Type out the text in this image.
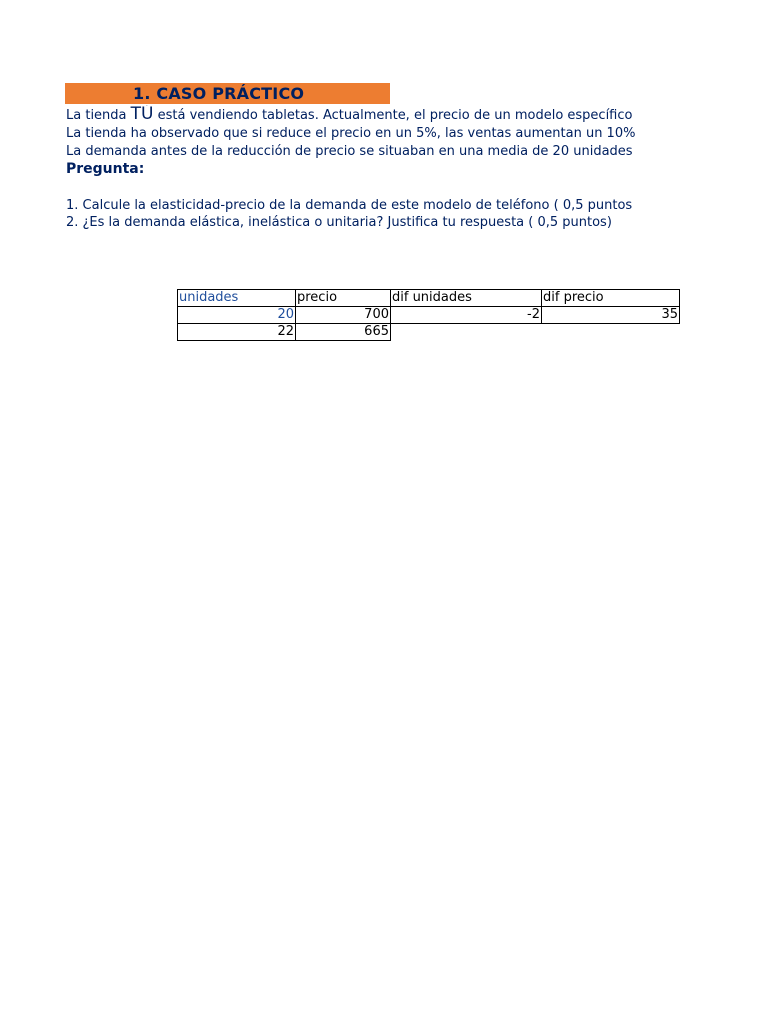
1. CASO PRÁCTICO
La tienda TÚ está vendiendo tabletas. Actualmente, el precio de un modelo específico
La tienda ha observado que si reduce el precio en un 5%, las ventas aumentan un 10%
La demanda antes de la reducción de precio se situaban en una media de 20 unidades
Pregunta:
1. Calcule la elasticidad-precio de la demanda de este modelo de teléfono ( 0,5 puntos
2. ¿Es la demanda elástica, inelástica o unitaria? Justifica tu respuesta ( 0,5 puntos)
unidades	precio	dif unidades	dif precio
20	700	-2	35
22	665		
